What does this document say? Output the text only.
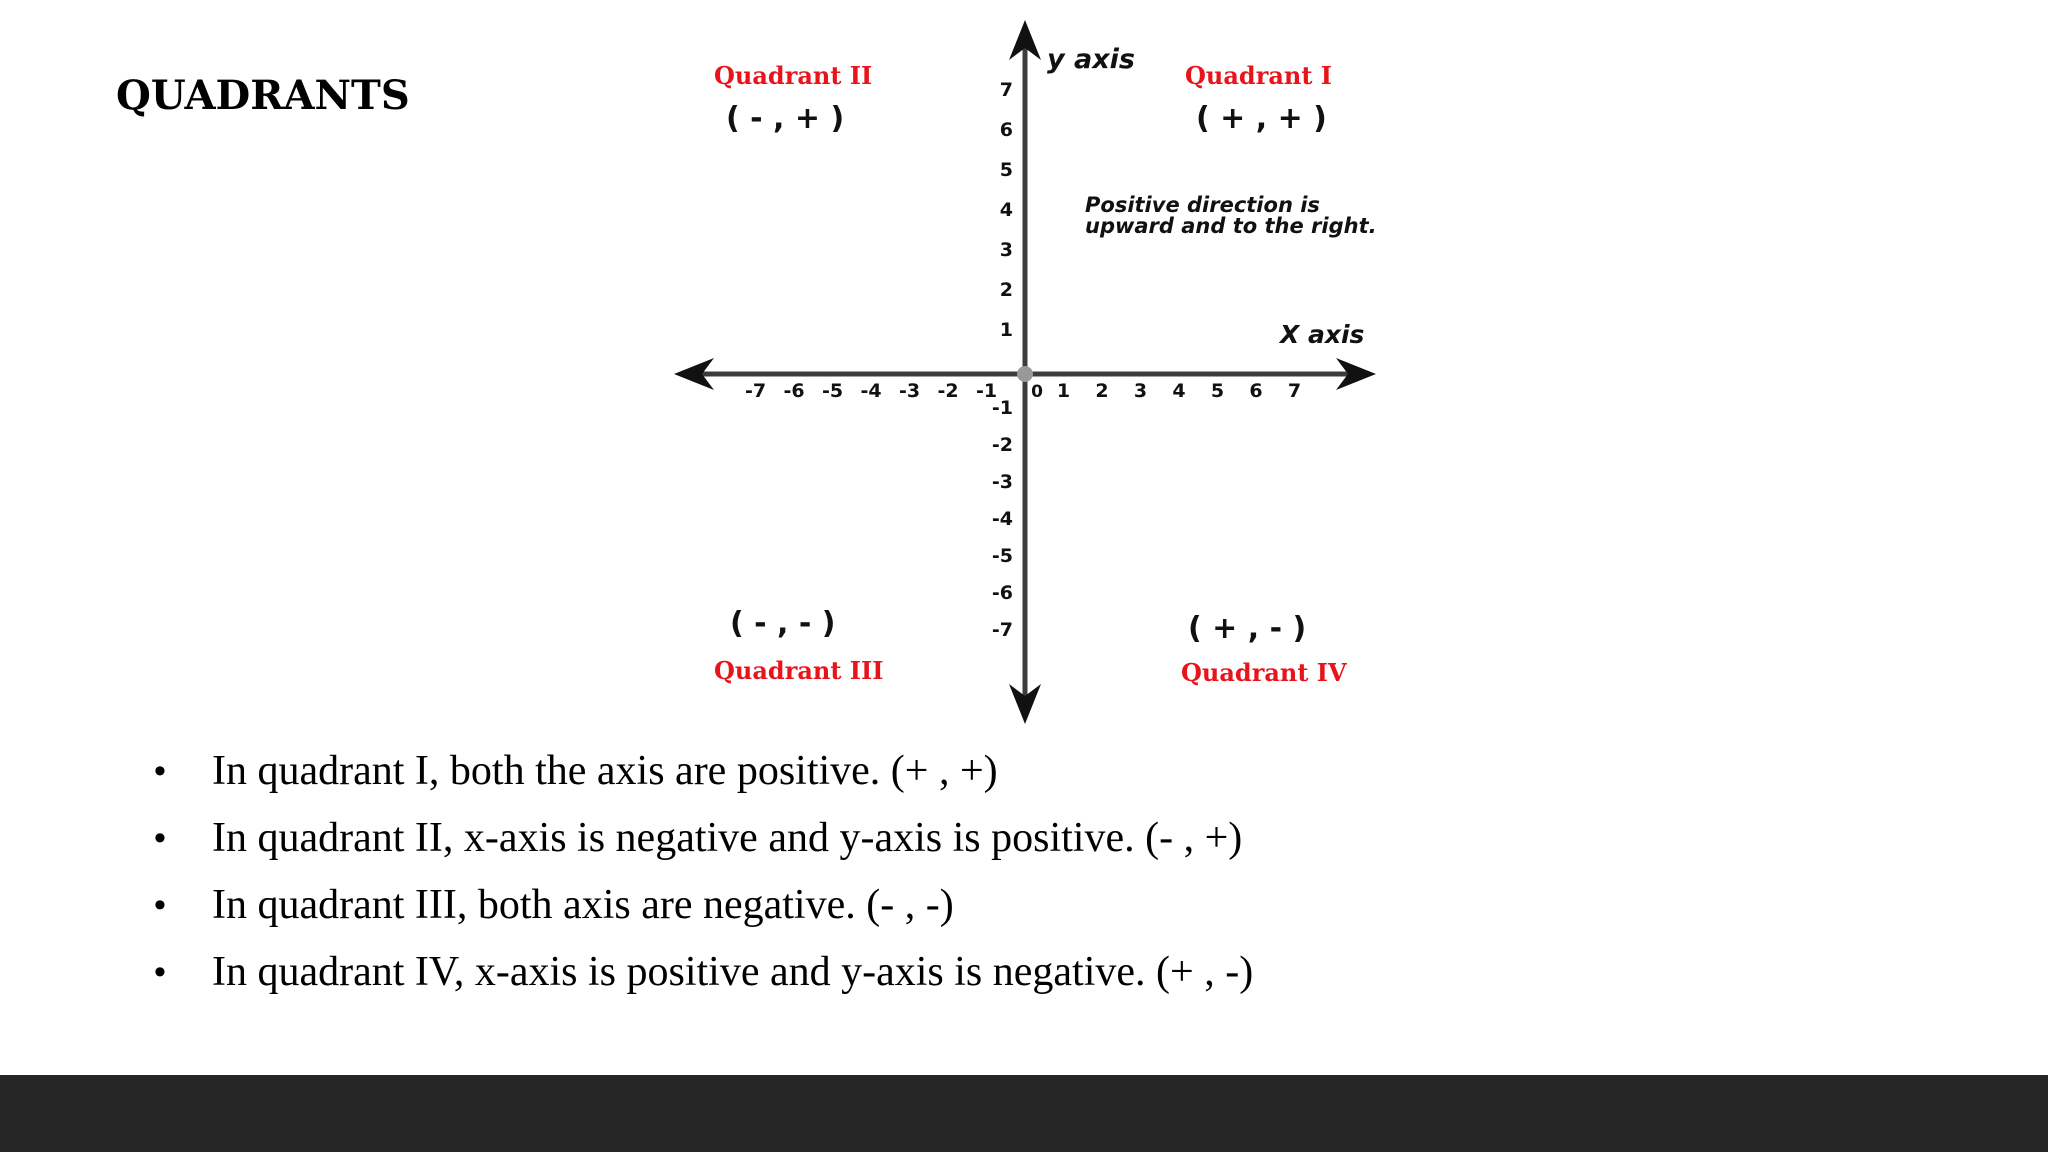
QUADRANTS
y axis
X axis
Positive direction is
upward and to the right.
Quadrant I
Quadrant II
Quadrant III	Quadrant IV
( + , + )
( - , + )
( - , - )	( + , - )
-7 -6 -5 -4 -3 -2 -1 0 1 2 3 4 5 6 7
1
2
3
4
5
6
7
-1
-2
-3
-4
-5
-6
-7
• In quadrant I, both the axis are positive. (+ , +)
• In quadrant II, x-axis is negative and y-axis is positive. (- , +)
• In quadrant III, both axis are negative. (- , -)
• In quadrant IV, x-axis is positive and y-axis is negative. (+ , -)
